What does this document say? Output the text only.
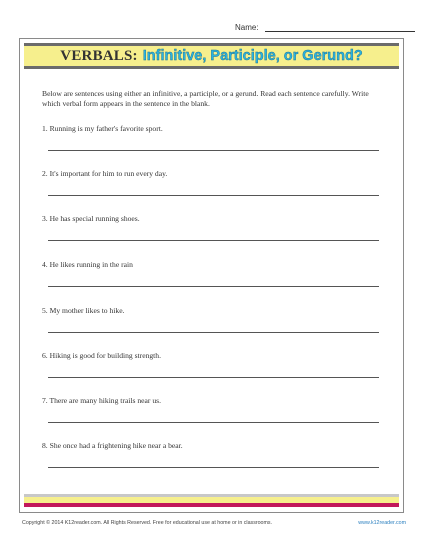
Name:
VERBALS: Infinitive, Participle, or Gerund?
Below are sentences using either an infinitive, a participle, or a gerund. Read each sentence carefully. Write which verbal form appears in the sentence in the blank.
1. Running is my father's favorite sport.
2. It's important for him to run every day.
3. He has special running shoes.
4. He likes running in the rain
5. My mother likes to hike.
6. Hiking is good for building strength.
7. There are many hiking trails near us.
8. She once had a frightening hike near a bear.
Copyright © 2014 K12reader.com. All Rights Reserved. Free for educational use at home or in classrooms.	www.k12reader.com
